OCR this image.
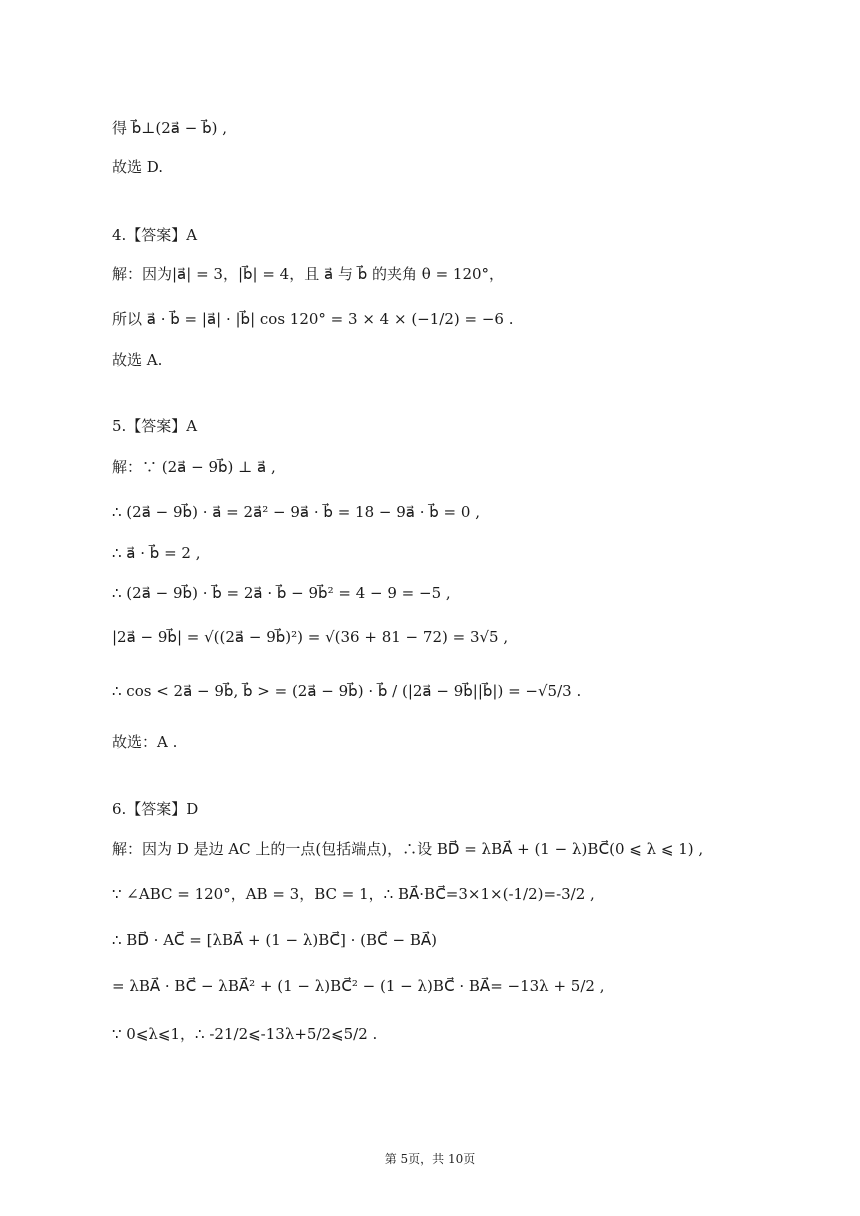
得 b⃗⊥(2a⃗ − b⃗) ,
故选 D.
4.【答案】A
解：因为|a⃗| = 3，|b⃗| = 4，且 a⃗ 与 b⃗ 的夹角 θ = 120°，
所以 a⃗ · b⃗ = |a⃗| · |b⃗| cos 120° = 3 × 4 × (−1/2) = −6 .
故选 A.
5.【答案】A
解：∵ (2a⃗ − 9b⃗) ⊥ a⃗ ,
∴ (2a⃗ − 9b⃗) · a⃗ = 2a⃗² − 9a⃗ · b⃗ = 18 − 9a⃗ · b⃗ = 0 ,
∴ a⃗ · b⃗ = 2 ,
∴ (2a⃗ − 9b⃗) · b⃗ = 2a⃗ · b⃗ − 9b⃗² = 4 − 9 = −5 ,
|2a⃗ − 9b⃗| = √((2a⃗ − 9b⃗)²) = √(36 + 81 − 72) = 3√5 ,
∴ cos < 2a⃗ − 9b⃗, b⃗ > = (2a⃗ − 9b⃗) · b⃗ / (|2a⃗ − 9b⃗||b⃗|) = −√5/3 .
故选：A .
6.【答案】D
解：因为 D 是边 AC 上的一点(包括端点)，∴设 BD⃗ = λBA⃗ + (1 − λ)BC⃗(0 ⩽ λ ⩽ 1) ,
∵ ∠ABC = 120°，AB = 3，BC = 1，∴ BA⃗·BC⃗=3×1×(-1/2)=-3/2 ,
∴ BD⃗ · AC⃗ = [λBA⃗ + (1 − λ)BC⃗] · (BC⃗ − BA⃗)
= λBA⃗ · BC⃗ − λBA⃗² + (1 − λ)BC⃗² − (1 − λ)BC⃗ · BA⃗= −13λ + 5/2 ,
∵ 0⩽λ⩽1，∴ -21/2⩽-13λ+5/2⩽5/2 .
第 5页，共 10页
